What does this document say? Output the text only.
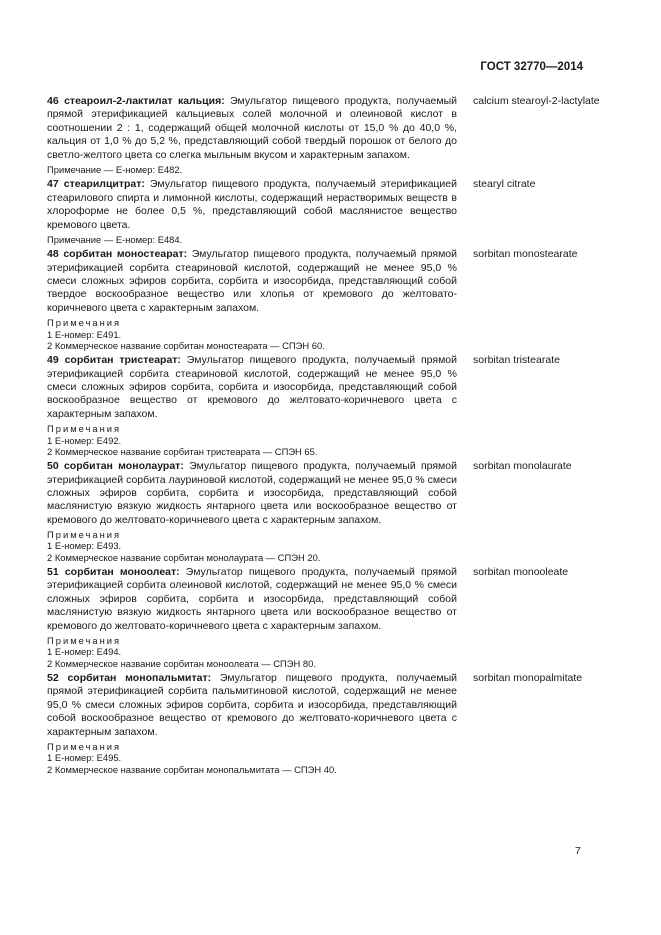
ГОСТ 32770—2014
46 стеароил-2-лактилат кальция: Эмульгатор пищевого продукта, получаемый прямой этерификацией кальциевых солей молочной и олеиновой кислот в соотношении 2 : 1, содержащий общей молочной кислоты от 15,0 % до 40,0 %, кальция от 1,0 % до 5,2 %, представляющий собой твердый порошок от белого до светло-желтого цвета со слегка мыльным вкусом и характерным запахом.
Примечание — Е-номер: Е482.
calcium stearoyl-2-lactylate
47 стеарилцитрат: Эмульгатор пищевого продукта, получаемый этерификацией стеарилового спирта и лимонной кислоты, содержащий нерастворимых веществ в хлороформе не более 0,5 %, представляющий собой маслянистое вещество кремового цвета.
Примечание — Е-номер: Е484.
stearyl citrate
48 сорбитан моностеарат: Эмульгатор пищевого продукта, получаемый прямой этерификацией сорбита стеариновой кислотой, содержащий не менее 95,0 % смеси сложных эфиров сорбита, сорбита и изосорбида, представляющий собой твердое воскообразное вещество или хлопья от кремового до желтовато-коричневого цвета с характерным запахом.
Примечания
1 Е-номер: Е491.
2 Коммерческое название сорбитан моностеарата — СПЭН 60.
sorbitan monostearate
49 сорбитан тристеарат: Эмульгатор пищевого продукта, получаемый прямой этерификацией сорбита стеариновой кислотой, содержащий не менее 95,0 % смеси сложных эфиров сорбита, сорбита и изосорбида, представляющий собой воскообразное вещество от кремового до желтовато-коричневого цвета с характерным запахом.
Примечания
1 Е-номер: Е492.
2 Коммерческое название сорбитан тристеарата — СПЭН 65.
sorbitan tristearate
50 сорбитан монолаурат: Эмульгатор пищевого продукта, получаемый прямой этерификацией сорбита лауриновой кислотой, содержащий не менее 95,0 % смеси сложных эфиров сорбита, сорбита и изосорбида, представляющий собой маслянистую вязкую жидкость янтарного цвета или воскообразное вещество от кремового до желтовато-коричневого цвета с характерным запахом.
Примечания
1 Е-номер: Е493.
2 Коммерческое название сорбитан монолаурата — СПЭН 20.
sorbitan monolaurate
51 сорбитан моноолеат: Эмульгатор пищевого продукта, получаемый прямой этерификацией сорбита олеиновой кислотой, содержащий не менее 95,0 % смеси сложных эфиров сорбита, сорбита и изосорбида, представляющий собой маслянистую вязкую жидкость янтарного цвета или воскообразное вещество от кремового до желтовато-коричневого цвета с характерным запахом.
Примечания
1 Е-номер: Е494.
2 Коммерческое название сорбитан моноолеата — СПЭН 80.
sorbitan monooleate
52 сорбитан монопальмитат: Эмульгатор пищевого продукта, получаемый прямой этерификацией сорбита пальмитиновой кислотой, содержащий не менее 95,0 % смеси сложных эфиров сорбита, сорбита и изосорбида, представляющий собой воскообразное вещество от кремового до желтовато-коричневого цвета с характерным запахом.
Примечания
1 Е-номер: Е495.
2 Коммерческое название сорбитан монопальмитата — СПЭН 40.
sorbitan monopalmitate
7
